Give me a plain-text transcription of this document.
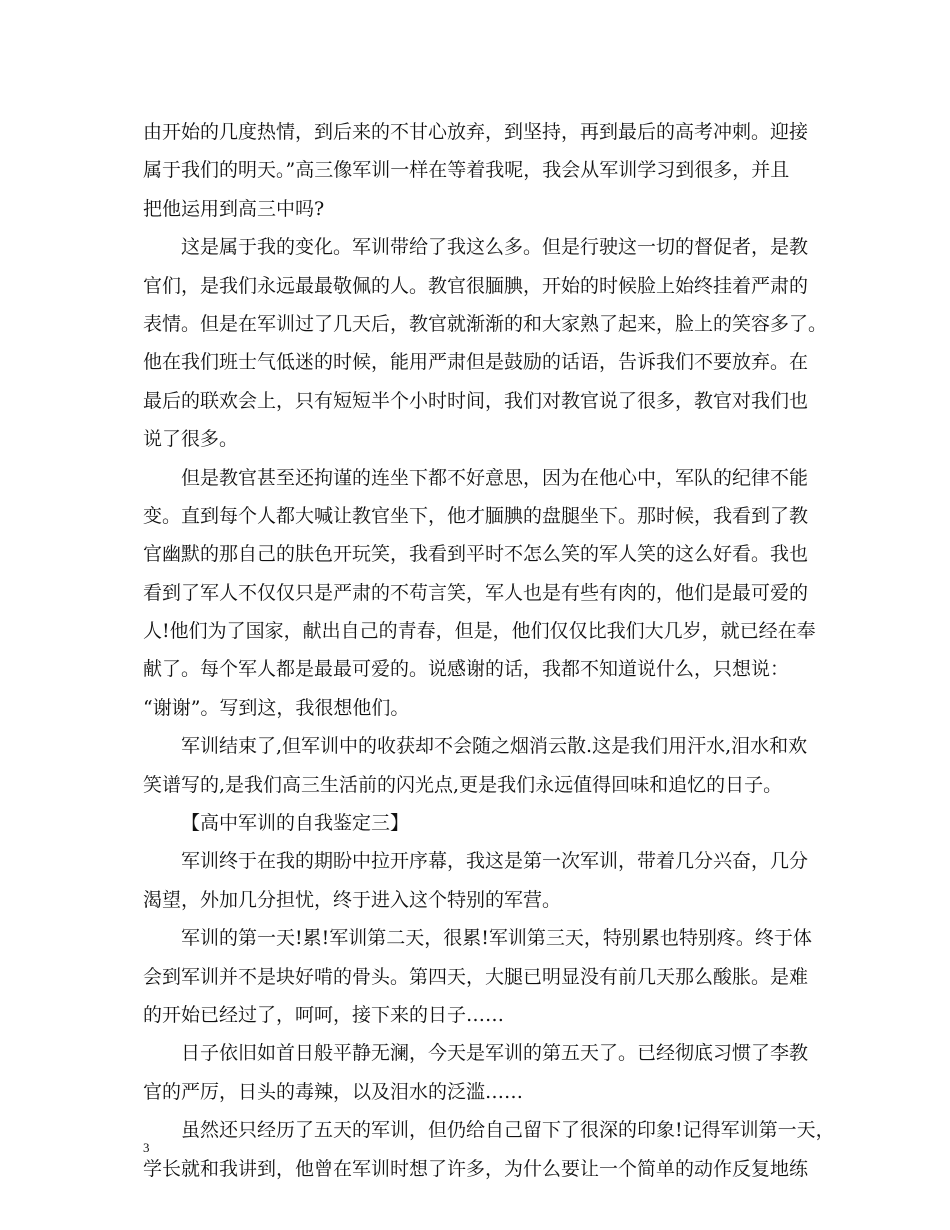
由开始的几度热情，到后来的不甘心放弃，到坚持，再到最后的高考冲刺。迎接
属于我们的明天。”高三像军训一样在等着我呢，我会从军训学习到很多，并且
把他运用到高三中吗?
这是属于我的变化。军训带给了我这么多。但是行驶这一切的督促者，是教
官们，是我们永远最最敬佩的人。教官很腼腆，开始的时候脸上始终挂着严肃的
表情。但是在军训过了几天后，教官就渐渐的和大家熟了起来，脸上的笑容多了。
他在我们班士气低迷的时候，能用严肃但是鼓励的话语，告诉我们不要放弃。在
最后的联欢会上，只有短短半个小时时间，我们对教官说了很多，教官对我们也
说了很多。
但是教官甚至还拘谨的连坐下都不好意思，因为在他心中，军队的纪律不能
变。直到每个人都大喊让教官坐下，他才腼腆的盘腿坐下。那时候，我看到了教
官幽默的那自己的肤色开玩笑，我看到平时不怎么笑的军人笑的这么好看。我也
看到了军人不仅仅只是严肃的不苟言笑，军人也是有些有肉的，他们是最可爱的
人!他们为了国家，献出自己的青春，但是，他们仅仅比我们大几岁，就已经在奉
献了。每个军人都是最最可爱的。说感谢的话，我都不知道说什么，只想说：
“谢谢”。写到这，我很想他们。
军训结束了,但军训中的收获却不会随之烟消云散.这是我们用汗水,泪水和欢
笑谱写的,是我们高三生活前的闪光点,更是我们永远值得回味和追忆的日子。
【高中军训的自我鉴定三】
军训终于在我的期盼中拉开序幕，我这是第一次军训，带着几分兴奋，几分
渴望，外加几分担忧，终于进入这个特别的军营。
军训的第一天!累!军训第二天，很累!军训第三天，特别累也特别疼。终于体
会到军训并不是块好啃的骨头。第四天，大腿已明显没有前几天那么酸胀。是难
的开始已经过了，呵呵，接下来的日子……
日子依旧如首日般平静无澜，今天是军训的第五天了。已经彻底习惯了李教
官的严厉，日头的毒辣，以及泪水的泛滥……
虽然还只经历了五天的军训，但仍给自己留下了很深的印象!记得军训第一天，
学长就和我讲到，他曾在军训时想了许多，为什么要让一个简单的动作反复地练
3
